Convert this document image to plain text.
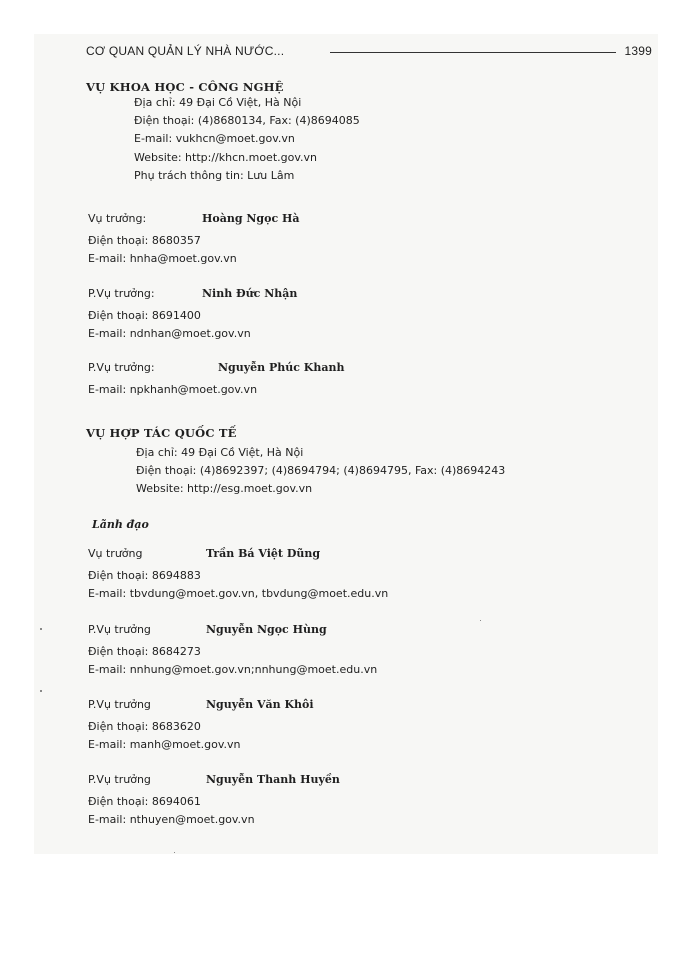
CƠ QUAN QUẢN LÝ NHÀ NƯỚC...	1399
VỤ KHOA HỌC - CÔNG NGHỆ
Địa chỉ: 49 Đại Cồ Việt, Hà Nội
Điện thoại: (4)8680134, Fax: (4)8694085
E-mail: vukhcn@moet.gov.vn
Website: http://khcn.moet.gov.vn
Phụ trách thông tin: Lưu Lâm
Vụ trưởng:	Hoàng Ngọc Hà
Điện thoại: 8680357
E-mail: hnha@moet.gov.vn
P.Vụ trưởng:	Ninh Đức Nhận
Điện thoại: 8691400
E-mail: ndnhan@moet.gov.vn
P.Vụ trưởng:	Nguyễn Phúc Khanh
E-mail: npkhanh@moet.gov.vn
VỤ HỢP TÁC QUỐC TẾ
Địa chỉ: 49 Đại Cồ Việt, Hà Nội
Điện thoại: (4)8692397; (4)8694794; (4)8694795, Fax: (4)8694243
Website: http://esg.moet.gov.vn
Lãnh đạo
Vụ trưởng	Trần Bá Việt Dũng
Điện thoại: 8694883
E-mail: tbvdung@moet.gov.vn, tbvdung@moet.edu.vn
P.Vụ trưởng	Nguyễn Ngọc Hùng
Điện thoại: 8684273
E-mail: nnhung@moet.gov.vn;nnhung@moet.edu.vn
P.Vụ trưởng	Nguyễn Văn Khôi
Điện thoại: 8683620
E-mail: manh@moet.gov.vn
P.Vụ trưởng	Nguyễn Thanh Huyền
Điện thoại: 8694061
E-mail: nthuyen@moet.gov.vn
